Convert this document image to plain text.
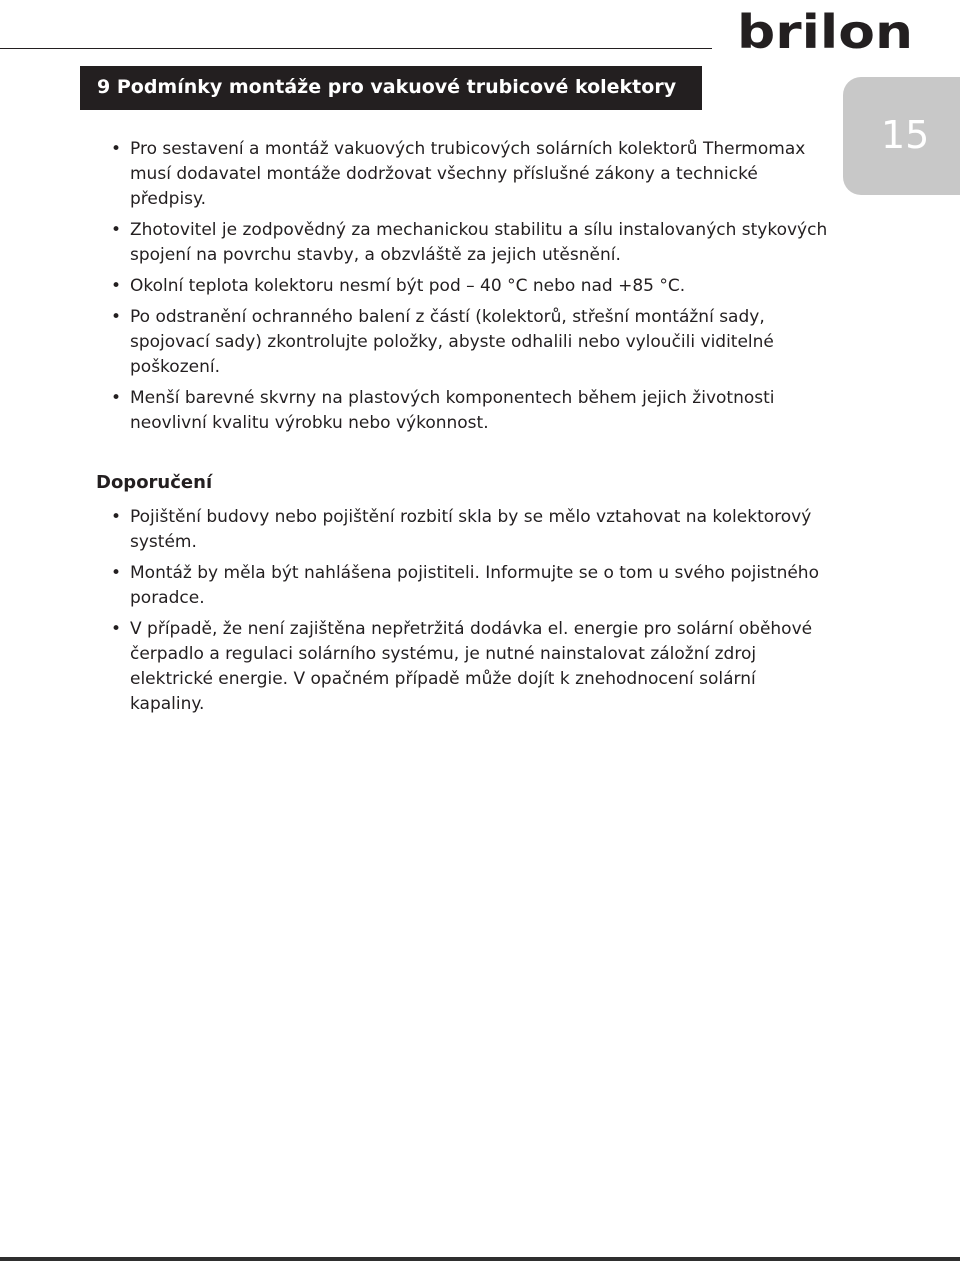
brilon
9 Podmínky montáže pro vakuové trubicové kolektory
15
• Pro sestavení a montáž vakuových trubicových solárních kolektorů Thermomax musí dodavatel montáže dodržovat všechny příslušné zákony a technické předpisy.
• Zhotovitel je zodpovědný za mechanickou stabilitu a sílu instalovaných stykových spojení na povrchu stavby, a obzvláště za jejich utěsnění.
• Okolní teplota kolektoru nesmí být pod – 40 °C nebo nad +85 °C.
• Po odstranění ochranného balení z částí (kolektorů, střešní montážní sady, spojovací sady) zkontrolujte položky, abyste odhalili nebo vyloučili viditelné poškození.
• Menší barevné skvrny na plastových komponentech během jejich životnosti neovlivní kvalitu výrobku nebo výkonnost.
Doporučení
• Pojištění budovy nebo pojištění rozbití skla by se mělo vztahovat na kolektorový systém.
• Montáž by měla být nahlášena pojistiteli. Informujte se o tom u svého pojistného poradce.
• V případě, že není zajištěna nepřetržitá dodávka el. energie pro solární oběhové čerpadlo a regulaci solárního systému, je nutné nainstalovat záložní zdroj elektrické energie. V opačném případě může dojít k znehodnocení solární kapaliny.
